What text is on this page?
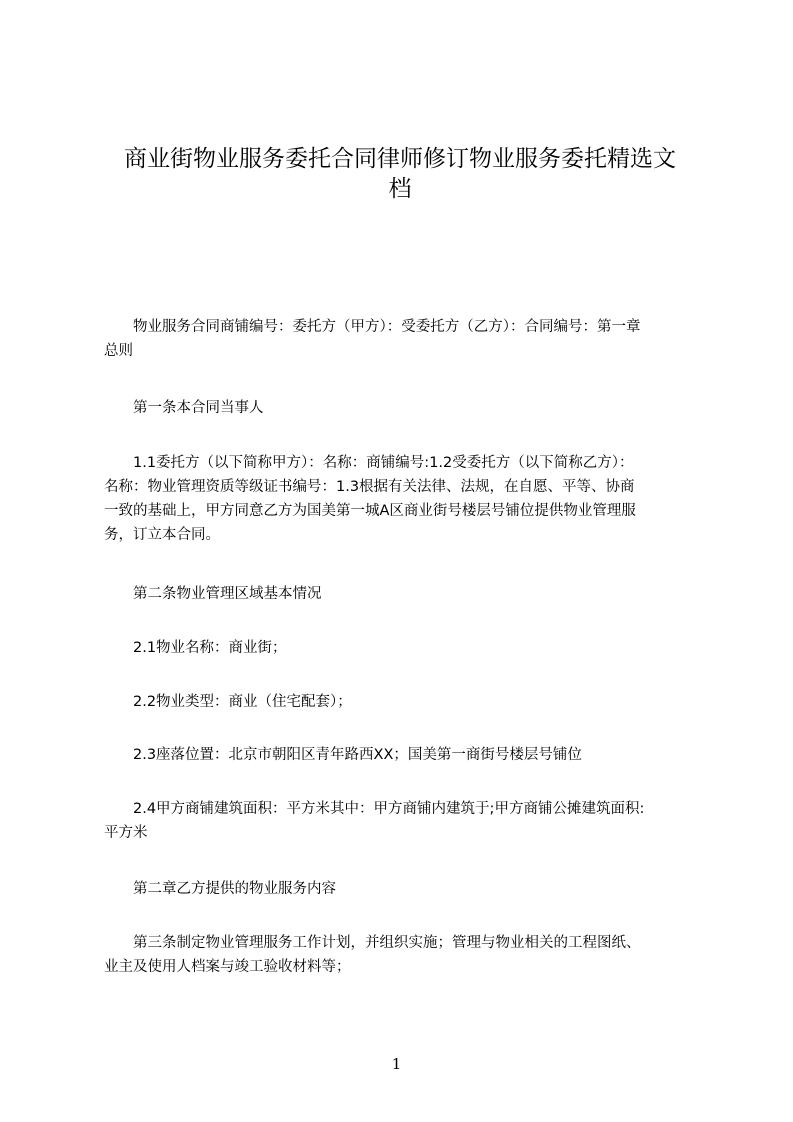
商业街物业服务委托合同律师修订物业服务委托精选文
档

　　物业服务合同商铺编号：委托方（甲方）：受委托方（乙方）：合同编号：第一章
总则

　　第一条本合同当事人

　　1.1委托方（以下简称甲方）：名称：商铺编号:1.2受委托方（以下简称乙方）：
名称：物业管理资质等级证书编号：1.3根据有关法律、法规，在自愿、平等、协商
一致的基础上，甲方同意乙方为国美第一城A区商业街号楼层号铺位提供物业管理服
务，订立本合同。

　　第二条物业管理区域基本情况

　　2.1物业名称：商业街；

　　2.2物业类型：商业（住宅配套）；

　　2.3座落位置：北京市朝阳区青年路西XX；国美第一商街号楼层号铺位

　　2.4甲方商铺建筑面积：平方米其中：甲方商铺内建筑于;甲方商铺公摊建筑面积:
平方米

　　第二章乙方提供的物业服务内容

　　第三条制定物业管理服务工作计划，并组织实施；管理与物业相关的工程图纸、
业主及使用人档案与竣工验收材料等；

1
